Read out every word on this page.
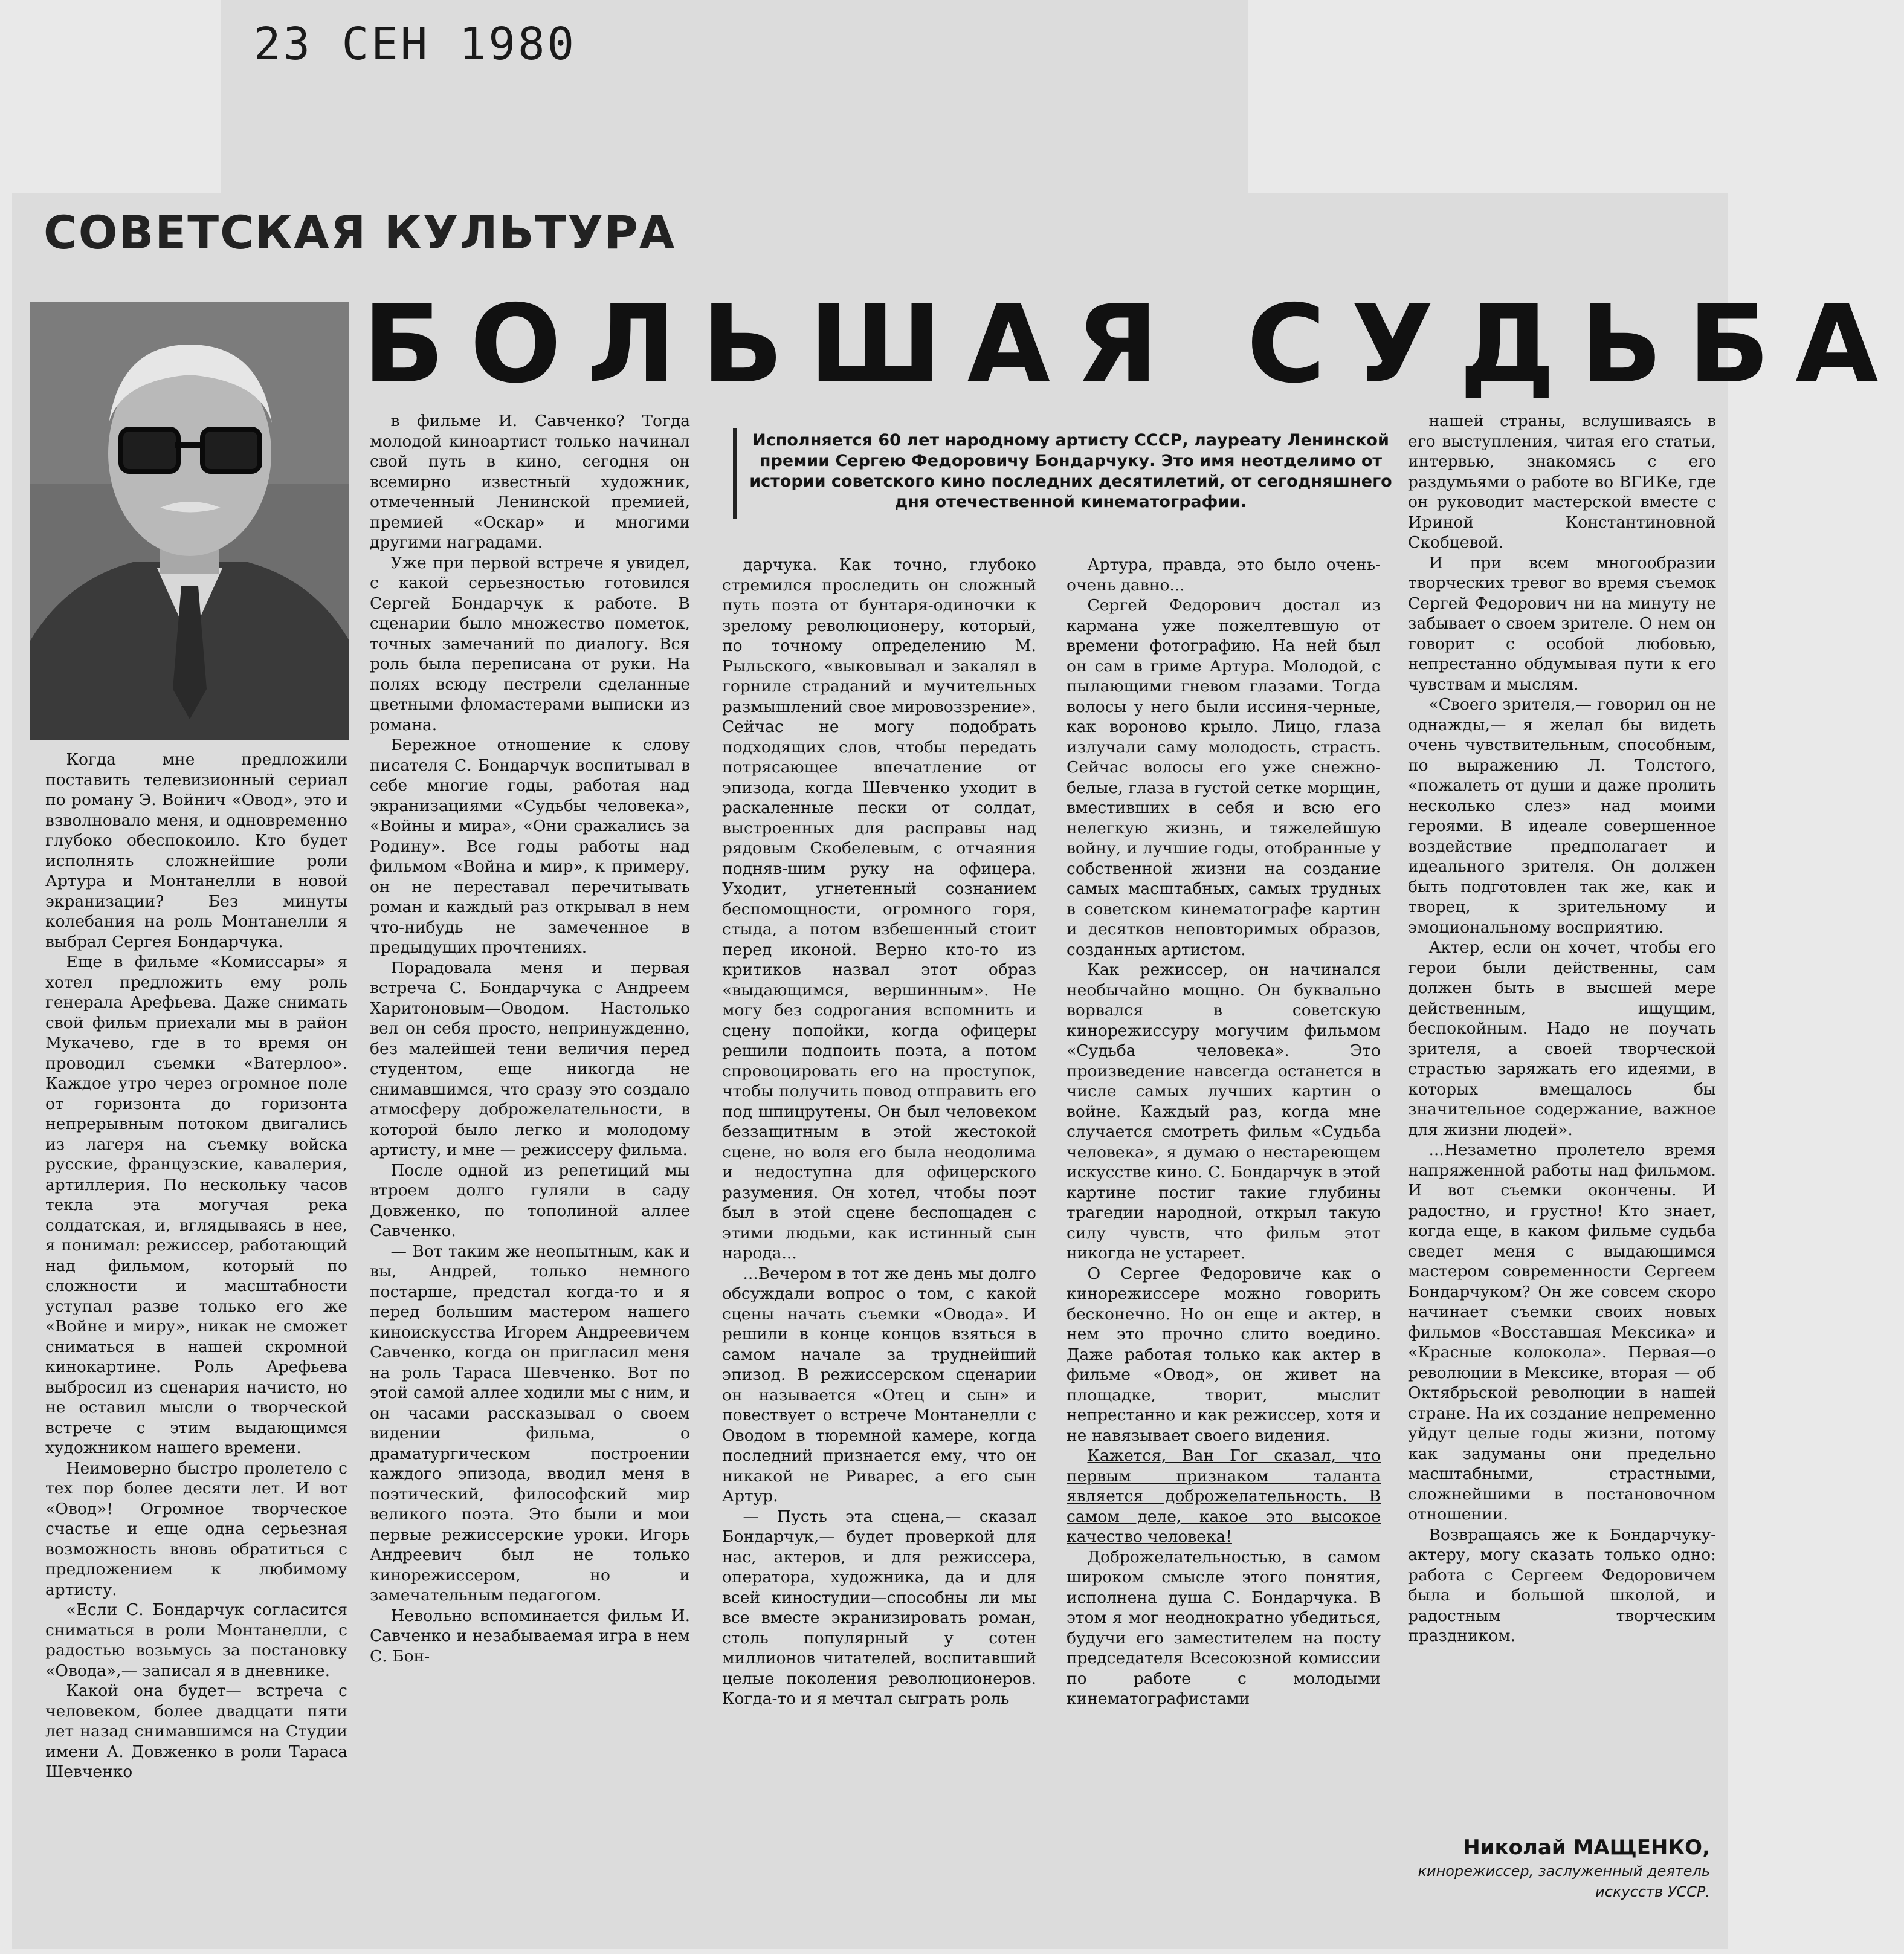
23 СЕН 1980
СОВЕТСКАЯ КУЛЬТУРА
БОЛЬШАЯ СУДЬБА
Исполняется 60 лет народному артисту СССР, лауреату Ленинской премии Сергею Федоровичу Бондарчуку. Это имя неотделимо от истории советского кино последних десятилетий, от сегодняшнего дня отечественной кинематографии.

Когда мне предложили поставить телевизионный сериал по роману Э. Войнич «Овод», это и взволновало меня, и одновременно глубоко обеспокоило. Кто будет исполнять сложнейшие роли Артура и Монтанелли в новой экранизации? Без минуты колебания на роль Монтанелли я выбрал Сергея Бондарчука.

Еще в фильме «Комиссары» я хотел предложить ему роль генерала Арефьева. Даже снимать свой фильм приехали мы в район Мукачево, где в то время он проводил съемки «Ватерлоо». Каждое утро через огромное поле от горизонта до горизонта непрерывным потоком двигались из лагеря на съемку войска русские, французские, кавалерия, артиллерия. По нескольку часов текла эта могучая река солдатская, и, вглядываясь в нее, я понимал: режиссер, работающий над фильмом, который по сложности и масштабности уступал разве только его же «Войне и миру», никак не сможет сниматься в нашей скромной кинокартине. Роль Арефьева выбросил из сценария начисто, но не оставил мысли о творческой встрече с этим выдающимся художником нашего времени.

Неимоверно быстро пролетело с тех пор более десяти лет. И вот «Овод»! Огромное творческое счастье и еще одна серьезная возможность вновь обратиться с предложением к любимому артисту.

«Если С. Бондарчук согласится сниматься в роли Монтанелли, с радостью возьмусь за постановку «Овода»,— записал я в дневнике.

Какой она будет— встреча с человеком, более двадцати пяти лет назад снимавшимся на Студии имени А. Довженко в роли Тараса Шевченко

в фильме И. Савченко? Тогда молодой киноартист только начинал свой путь в кино, сегодня он всемирно известный художник, отмеченный Ленинской премией, премией «Оскар» и многими другими наградами.

Уже при первой встрече я увидел, с какой серьезностью готовился Сергей Бондарчук к работе. В сценарии было множество пометок, точных замечаний по диалогу. Вся роль была переписана от руки. На полях всюду пестрели сделанные цветными фломастерами выписки из романа.

Бережное отношение к слову писателя С. Бондарчук воспитывал в себе многие годы, работая над экранизациями «Судьбы человека», «Войны и мира», «Они сражались за Родину». Все годы работы над фильмом «Война и мир», к примеру, он не переставал перечитывать роман и каждый раз открывал в нем что-нибудь не замеченное в предыдущих прочтениях.

Порадовала меня и первая встреча С. Бондарчука с Андреем Харитоновым—Оводом. Настолько вел он себя просто, непринужденно, без малейшей тени величия перед студентом, еще никогда не снимавшимся, что сразу это создало атмосферу доброжелательности, в которой было легко и молодому артисту, и мне — режиссеру фильма.

После одной из репетиций мы втроем долго гуляли в саду Довженко, по тополиной аллее Савченко.

— Вот таким же неопытным, как и вы, Андрей, только немного постарше, предстал когда-то и я перед большим мастером нашего киноискусства Игорем Андреевичем Савченко, когда он пригласил меня на роль Тараса Шевченко. Вот по этой самой аллее ходили мы с ним, и он часами рассказывал о своем видении фильма, о драматургическом построении каждого эпизода, вводил меня в поэтический, философский мир великого поэта. Это были и мои первые режиссерские уроки. Игорь Андреевич был не только кинорежиссером, но и замечательным педагогом.

Невольно вспоминается фильм И. Савченко и незабываемая игра в нем С. Бон-

дарчука. Как точно, глубоко стремился проследить он сложный путь поэта от бунтаря-одиночки к зрелому революционеру, который, по точному определению М. Рыльского, «выковывал и закалял в горниле страданий и мучительных размышлений свое мировоззрение». Сейчас не могу подобрать подходящих слов, чтобы передать потрясающее впечатление от эпизода, когда Шевченко уходит в раскаленные пески от солдат, выстроенных для расправы над рядовым Скобелевым, с отчаяния подняв-шим руку на офицера. Уходит, угнетенный сознанием беспомощности, огромного горя, стыда, а потом взбешенный стоит перед иконой. Верно кто-то из критиков назвал этот образ «выдающимся, вершинным». Не могу без содрогания вспомнить и сцену попойки, когда офицеры решили подпоить поэта, а потом спровоцировать его на проступок, чтобы получить повод отправить его под шпицрутены. Он был человеком беззащитным в этой жестокой сцене, но воля его была неодолима и недоступна для офицерского разумения. Он хотел, чтобы поэт был в этой сцене беспощаден с этими людьми, как истинный сын народа...

...Вечером в тот же день мы долго обсуждали вопрос о том, с какой сцены начать съемки «Овода». И решили в конце концов взяться в самом начале за труднейший эпизод. В режиссерском сценарии он называется «Отец и сын» и повествует о встрече Монтанелли с Оводом в тюремной камере, когда последний признается ему, что он никакой не Риварес, а его сын Артур.

— Пусть эта сцена,— сказал Бондарчук,— будет проверкой для нас, актеров, и для режиссера, оператора, художника, да и для всей киностудии—способны ли мы все вместе экранизировать роман, столь популярный у сотен миллионов читателей, воспитавший целые поколения революционеров. Когда-то и я мечтал сыграть роль

Артура, правда, это было очень-очень давно...

Сергей Федорович достал из кармана уже пожелтевшую от времени фотографию. На ней был он сам в гриме Артура. Молодой, с пылающими гневом глазами. Тогда волосы у него были иссиня-черные, как вороново крыло. Лицо, глаза излучали саму молодость, страсть. Сейчас волосы его уже снежно-белые, глаза в густой сетке морщин, вместивших в себя и всю его нелегкую жизнь, и тяжелейшую войну, и лучшие годы, отобранные у собственной жизни на создание самых масштабных, самых трудных в советском кинематографе картин и десятков неповторимых образов, созданных артистом.

Как режиссер, он начинался необычайно мощно. Он буквально ворвался в советскую кинорежиссуру могучим фильмом «Судьба человека». Это произведение навсегда останется в числе самых лучших картин о войне. Каждый раз, когда мне случается смотреть фильм «Судьба человека», я думаю о нестареющем искусстве кино. С. Бондарчук в этой картине постиг такие глубины трагедии народной, открыл такую силу чувств, что фильм этот никогда не устареет.

О Сергее Федоровиче как о кинорежиссере можно говорить бесконечно. Но он еще и актер, в нем это прочно слито воедино. Даже работая только как актер в фильме «Овод», он живет на площадке, творит, мыслит непрестанно и как режиссер, хотя и не навязывает своего видения.

Кажется, Ван Гог сказал, что первым признаком таланта является доброжелательность. В самом деле, какое это высокое качество человека!

Доброжелательностью, в самом широком смысле этого понятия, исполнена душа С. Бондарчука. В этом я мог неоднократно убедиться, будучи его заместителем на посту председателя Всесоюзной комиссии по работе с молодыми кинематографистами

нашей страны, вслушиваясь в его выступления, читая его статьи, интервью, знакомясь с его раздумьями о работе во ВГИКе, где он руководит мастерской вместе с Ириной Константиновной Скобцевой.

И при всем многообразии творческих тревог во время съемок Сергей Федорович ни на минуту не забывает о своем зрителе. О нем он говорит с особой любовью, непрестанно обдумывая пути к его чувствам и мыслям.

«Своего зрителя,— говорил он не однажды,— я желал бы видеть очень чувствительным, способным, по выражению Л. Толстого, «пожалеть от души и даже пролить несколько слез» над моими героями. В идеале совершенное воздействие предполагает и идеального зрителя. Он должен быть подготовлен так же, как и творец, к зрительному и эмоциональному восприятию.

Актер, если он хочет, чтобы его герои были действенны, сам должен быть в высшей мере действенным, ищущим, беспокойным. Надо не поучать зрителя, а своей творческой страстью заряжать его идеями, в которых вмещалось бы значительное содержание, важное для жизни людей».

...Незаметно пролетело время напряженной работы над фильмом. И вот съемки окончены. И радостно, и грустно! Кто знает, когда еще, в каком фильме судьба сведет меня с выдающимся мастером современности Сергеем Бондарчуком? Он же совсем скоро начинает съемки своих новых фильмов «Восставшая Мексика» и «Красные колокола». Первая—о революции в Мексике, вторая — об Октябрьской революции в нашей стране. На их создание непременно уйдут целые годы жизни, потому как задуманы они предельно масштабными, страстными, сложнейшими в постановочном отношении.

Возвращаясь же к Бондарчуку-актеру, могу сказать только одно: работа с Сергеем Федоровичем была и большой школой, и радостным творческим праздником.

Николай МАЩЕНКО,
кинорежиссер, заслуженный деятель искусств УССР.
